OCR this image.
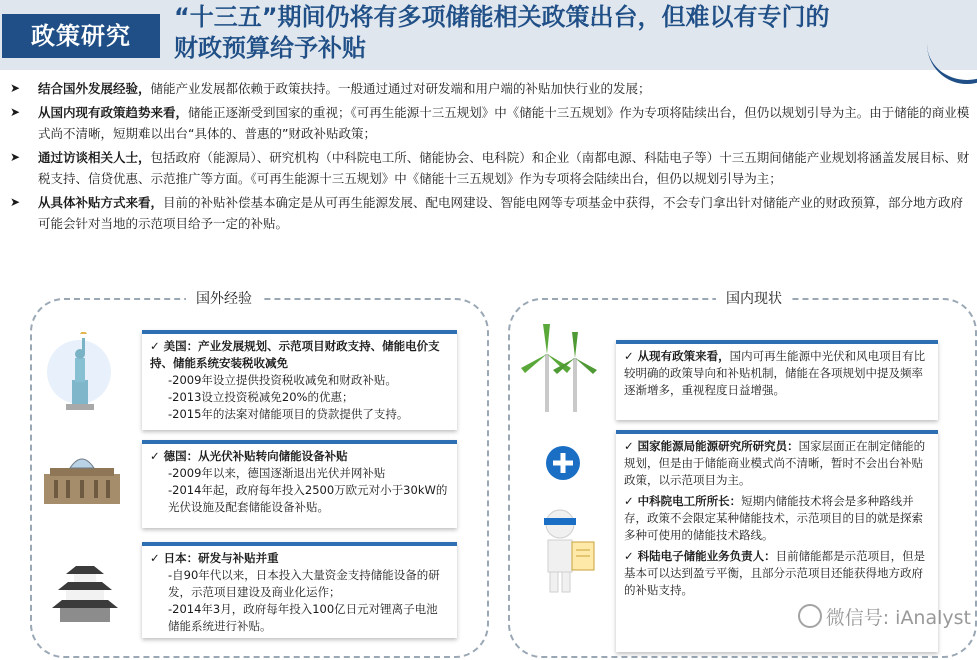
政策研究
“十三五”期间仍将有多项储能相关政策出台，但难以有专门的
财政预算给予补贴
➤ 结合国外发展经验，储能产业发展都依赖于政策扶持。一般通过通过对研发端和用户端的补贴加快行业的发展；
➤ 从国内现有政策趋势来看，储能正逐渐受到国家的重视；《可再生能源十三五规划》中《储能十三五规划》作为专项将陆续出台，但仍以规划引导为主。由于储能的商业模式尚不清晰，短期难以出台“具体的、普惠的”财政补贴政策；
➤ 通过访谈相关人士，包括政府（能源局）、研究机构（中科院电工所、储能协会、电科院）和企业（南都电源、科陆电子等）十三五期间储能产业规划将涵盖发展目标、财税支持、信贷优惠、示范推广等方面。《可再生能源十三五规划》中《储能十三五规划》作为专项将会陆续出台，但仍以规划引导为主；
➤ 从具体补贴方式来看，目前的补贴补偿基本确定是从可再生能源发展、配电网建设、智能电网等专项基金中获得，不会专门拿出针对储能产业的财政预算，部分地方政府可能会针对当地的示范项目给予一定的补贴。
国外经验
✓ 美国：产业发展规划、示范项目财政支持、储能电价支持、储能系统安装税收减免
-2009年设立提供投资税收减免和财政补贴。
-2013设立投资税减免20%的优惠；
-2015年的法案对储能项目的贷款提供了支持。
✓ 德国：从光伏补贴转向储能设备补贴
-2009年以来，德国逐渐退出光伏并网补贴
-2014年起，政府每年投入2500万欧元对小于30kW的光伏设施及配套储能设备补贴。
✓ 日本：研发与补贴并重
-自90年代以来，日本投入大量资金支持储能设备的研发，示范项目建设及商业化运作；
-2014年3月，政府每年投入100亿日元对锂离子电池储能系统进行补贴。
国内现状
✓ 从现有政策来看，国内可再生能源中光伏和风电项目有比较明确的政策导向和补贴机制，储能在各项规划中提及频率逐渐增多，重视程度日益增强。
✓ 国家能源局能源研究所研究员：国家层面正在制定储能的规划，但是由于储能商业模式尚不清晰，暂时不会出台补贴政策，以示范项目为主。
✓ 中科院电工所所长：短期内储能技术将会是多种路线并存，政策不会限定某种储能技术，示范项目的目的就是探索多种可使用的储能技术路线。
✓ 科陆电子储能业务负责人：目前储能都是示范项目，但是基本可以达到盈亏平衡，且部分示范项目还能获得地方政府的补贴支持。
微信号: iAnalyst
